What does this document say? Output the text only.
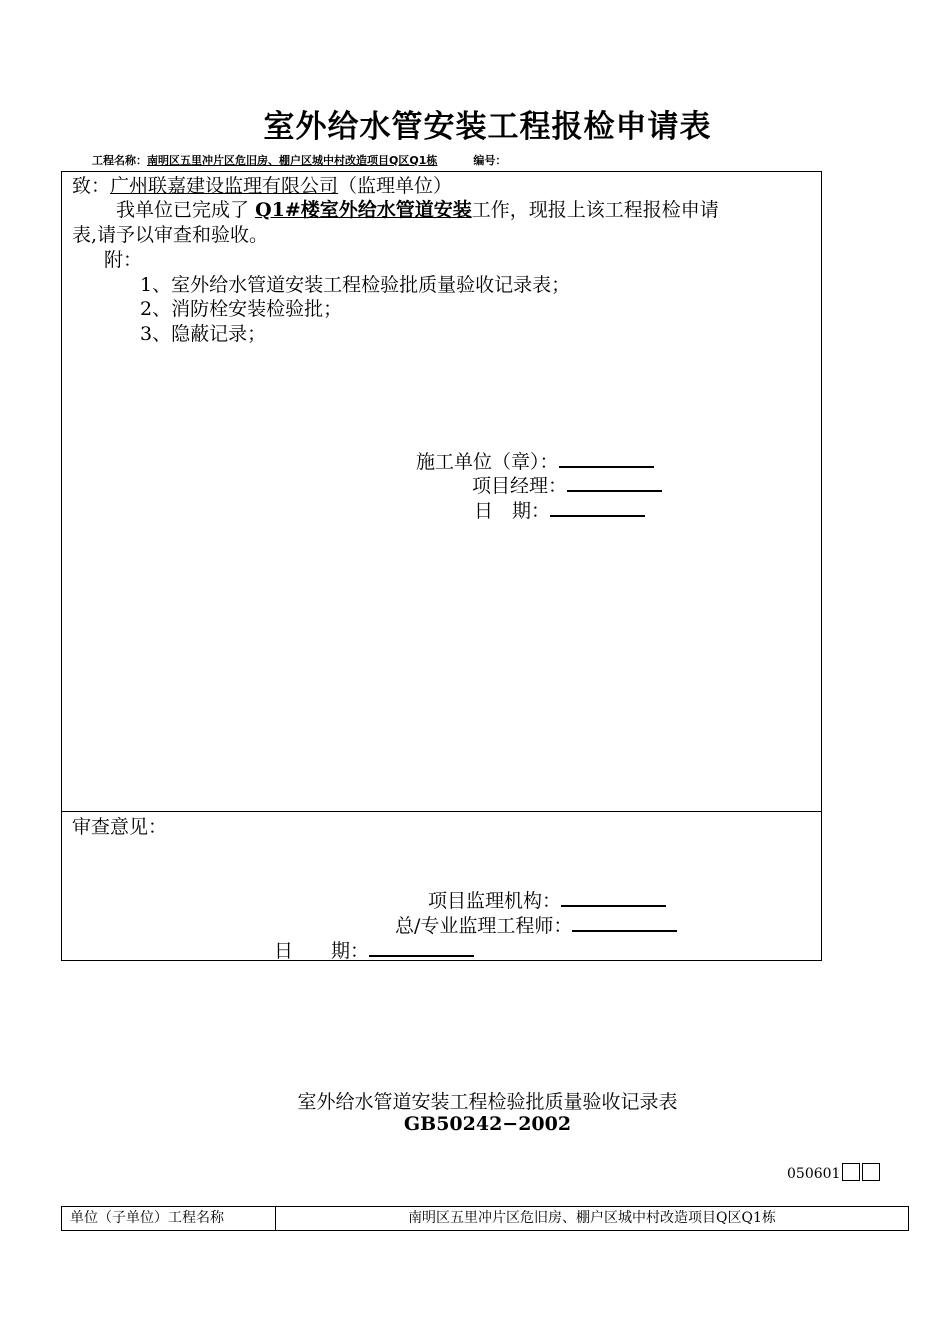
室外给水管安装工程报检申请表
工程名称：南明区五里冲片区危旧房、棚户区城中村改造项目Q区Q1栋	编号：
致：广州联嘉建设监理有限公司（监理单位）
我单位已完成了 Q1#楼室外给水管道安装工作，现报上该工程报检申请
表,请予以审查和验收。
附：
1、室外给水管道安装工程检验批质量验收记录表；
2、消防栓安装检验批；
3、隐蔽记录；
施工单位（章）：
项目经理：
日　期：
审查意见：
项目监理机构：
总/专业监理工程师：
日　　期：
室外给水管道安装工程检验批质量验收记录表
GB50242−2002
050601
单位（子单位）工程名称	南明区五里冲片区危旧房、棚户区城中村改造项目Q区Q1栋
